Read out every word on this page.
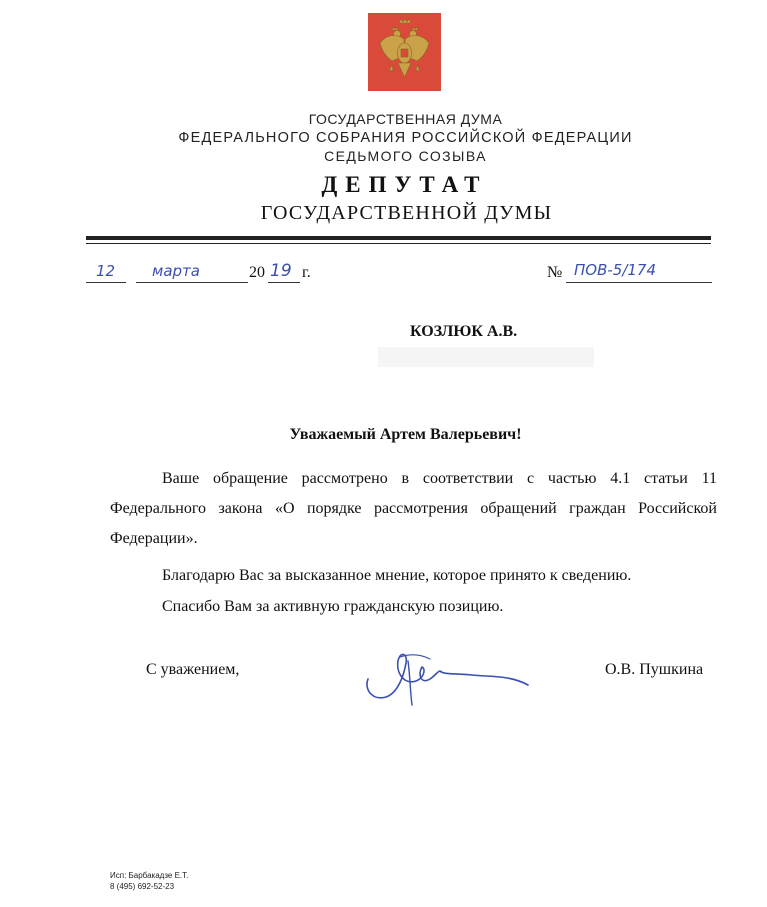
ГОСУДАРСТВЕННАЯ ДУМА
ФЕДЕРАЛЬНОГО СОБРАНИЯ РОССИЙСКОЙ ФЕДЕРАЦИИ
СЕДЬМОГО СОЗЫВА
ДЕПУТАТ
ГОСУДАРСТВЕННОЙ ДУМЫ
12 марта	20 19 г.	№ ПОВ-5/174
КОЗЛЮК А.В.
Уважаемый Артем Валерьевич!
Ваше обращение рассмотрено в соответствии с частью 4.1 статьи 11 Федерального закона «О порядке рассмотрения обращений граждан Российской Федерации».
Благодарю Вас за высказанное мнение, которое принято к сведению.
Спасибо Вам за активную гражданскую позицию.
С уважением,	О.В. Пушкина
Исп: Барбакадзе Е.Т.
8 (495) 692-52-23
